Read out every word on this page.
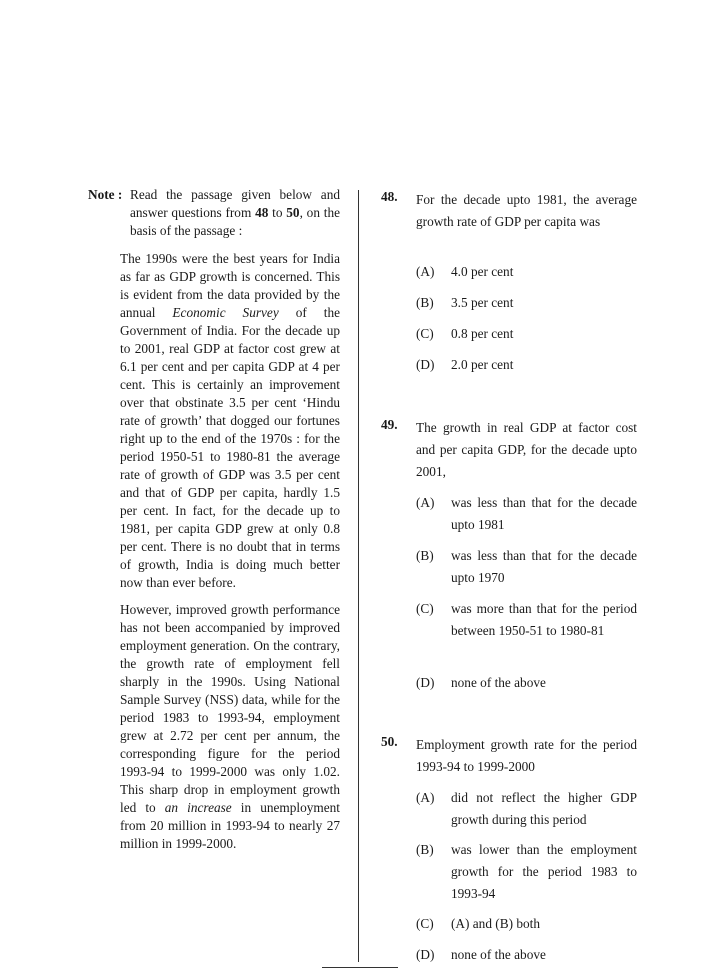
Note : Read the passage given below and answer questions from 48 to 50, on the basis of the passage :

The 1990s were the best years for India as far as GDP growth is concerned. This is evident from the data provided by the annual Economic Survey of the Government of India. For the decade up to 2001, real GDP at factor cost grew at 6.1 per cent and per capita GDP at 4 per cent. This is certainly an improvement over that obstinate 3.5 per cent ‘Hindu rate of growth’ that dogged our fortunes right up to the end of the 1970s : for the period 1950-51 to 1980-81 the average rate of growth of GDP was 3.5 per cent and that of GDP per capita, hardly 1.5 per cent. In fact, for the decade up to 1981, per capita GDP grew at only 0.8 per cent. There is no doubt that in terms of growth, India is doing much better now than ever before.

However, improved growth performance has not been accompanied by improved employment generation. On the contrary, the growth rate of employment fell sharply in the 1990s. Using National Sample Survey (NSS) data, while for the period 1983 to 1993-94, employment grew at 2.72 per cent per annum, the corresponding figure for the period 1993-94 to 1999-2000 was only 1.02. This sharp drop in employment growth led to an increase in unemployment from 20 million in 1993-94 to nearly 27 million in 1999-2000.

48. For the decade upto 1981, the average growth rate of GDP per capita was
(A) 4.0 per cent
(B) 3.5 per cent
(C) 0.8 per cent
(D) 2.0 per cent
49. The growth in real GDP at factor cost and per capita GDP, for the decade upto 2001,
(A) was less than that for the decade upto 1981
(B) was less than that for the decade upto 1970
(C) was more than that for the period between 1950-51 to 1980-81
(D) none of the above
50. Employment growth rate for the period 1993-94 to 1999-2000
(A) did not reflect the higher GDP growth during this period
(B) was lower than the employment growth for the period 1983 to 1993-94
(C) (A) and (B) both
(D) none of the above
